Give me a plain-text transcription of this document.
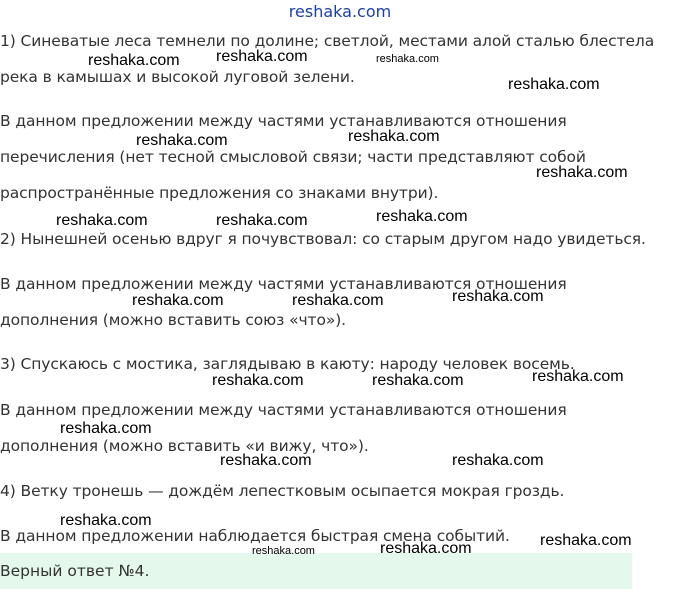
reshaka.com
1) Синеватые леса темнели по долине; светлой, местами алой сталью блестела
река в камышах и высокой луговой зелени.
В данном предложении между частями устанавливаются отношения
перечисления (нет тесной смысловой связи; части представляют собой
распространённые предложения со знаками внутри).
2) Нынешней осенью вдруг я почувствовал: со старым другом надо увидеться.
В данном предложении между частями устанавливаются отношения
дополнения (можно вставить союз «что»).
3) Спускаюсь с мостика, заглядываю в каюту: народу человек восемь.
В данном предложении между частями устанавливаются отношения
дополнения (можно вставить «и вижу, что»).
4) Ветку тронешь — дождём лепестковым осыпается мокрая гроздь.
В данном предложении наблюдается быстрая смена событий.
Верный ответ №4.
reshaka.com reshaka.com	reshaka.com
reshaka.com
reshaka.com	reshaka.com
reshaka.com
reshaka.com	reshaka.com	reshaka.com
reshaka.com	reshaka.com	reshaka.com
reshaka.com	reshaka.com	reshaka.com
reshaka.com
reshaka.com	reshaka.com
reshaka.com
reshaka.com	reshaka.com	reshaka.com
